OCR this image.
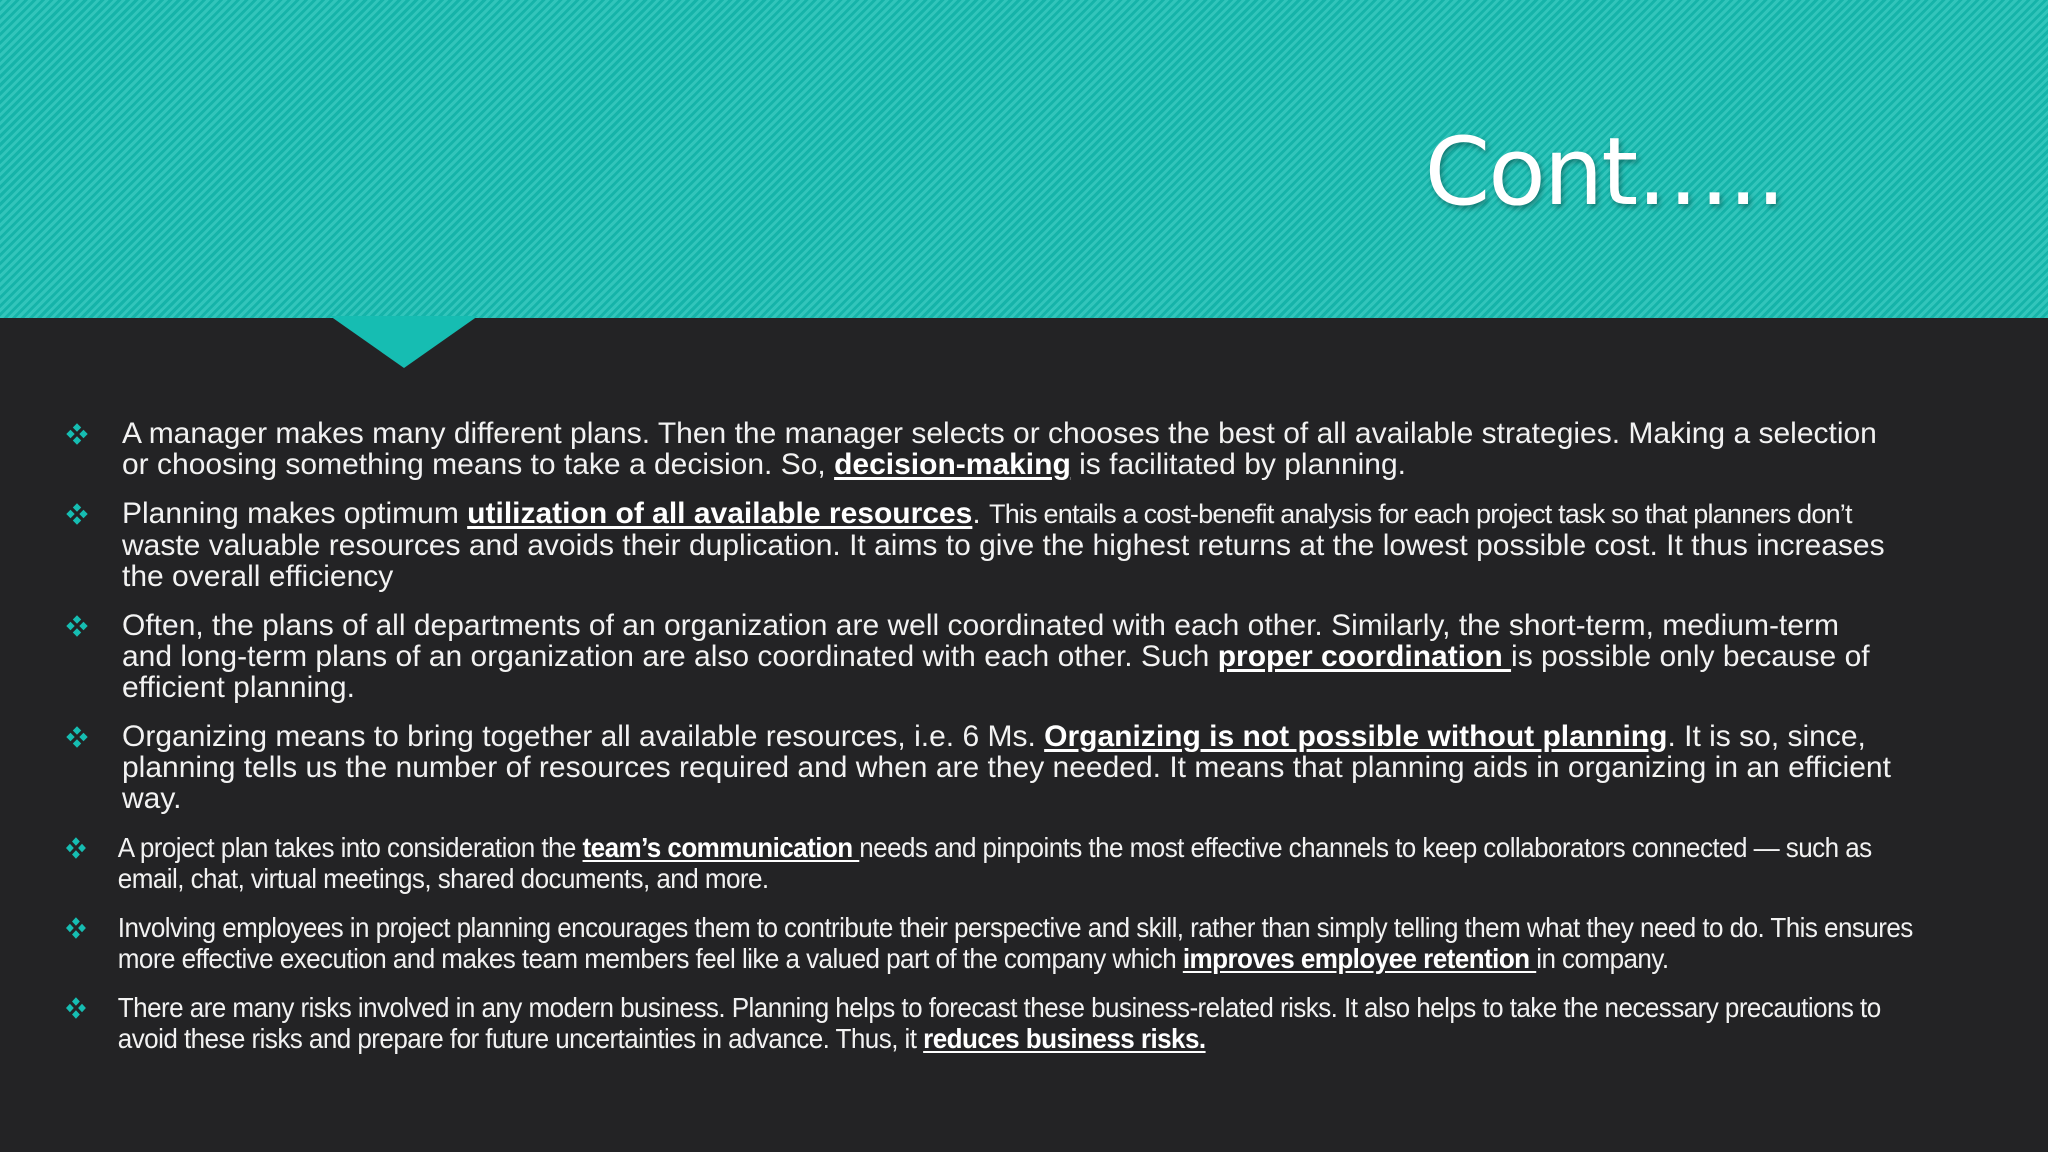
Cont…..
A manager makes many different plans. Then the manager selects or chooses the best of all available strategies. Making a selection or choosing something means to take a decision. So, decision-making is facilitated by planning.
Planning makes optimum utilization of all available resources. This entails a cost-benefit analysis for each project task so that planners don’t waste valuable resources and avoids their duplication. It aims to give the highest returns at the lowest possible cost. It thus increases the overall efficiency
Often, the plans of all departments of an organization are well coordinated with each other. Similarly, the short-term, medium-term and long-term plans of an organization are also coordinated with each other. Such proper coordination is possible only because of efficient planning.
Organizing means to bring together all available resources, i.e. 6 Ms. Organizing is not possible without planning. It is so, since, planning tells us the number of resources required and when are they needed. It means that planning aids in organizing in an efficient way.
A project plan takes into consideration the team’s communication needs and pinpoints the most effective channels to keep collaborators connected — such as email, chat, virtual meetings, shared documents, and more.
Involving employees in project planning encourages them to contribute their perspective and skill, rather than simply telling them what they need to do. This ensures more effective execution and makes team members feel like a valued part of the company which improves employee retention in company.
There are many risks involved in any modern business. Planning helps to forecast these business-related risks. It also helps to take the necessary precautions to avoid these risks and prepare for future uncertainties in advance. Thus, it reduces business risks.
